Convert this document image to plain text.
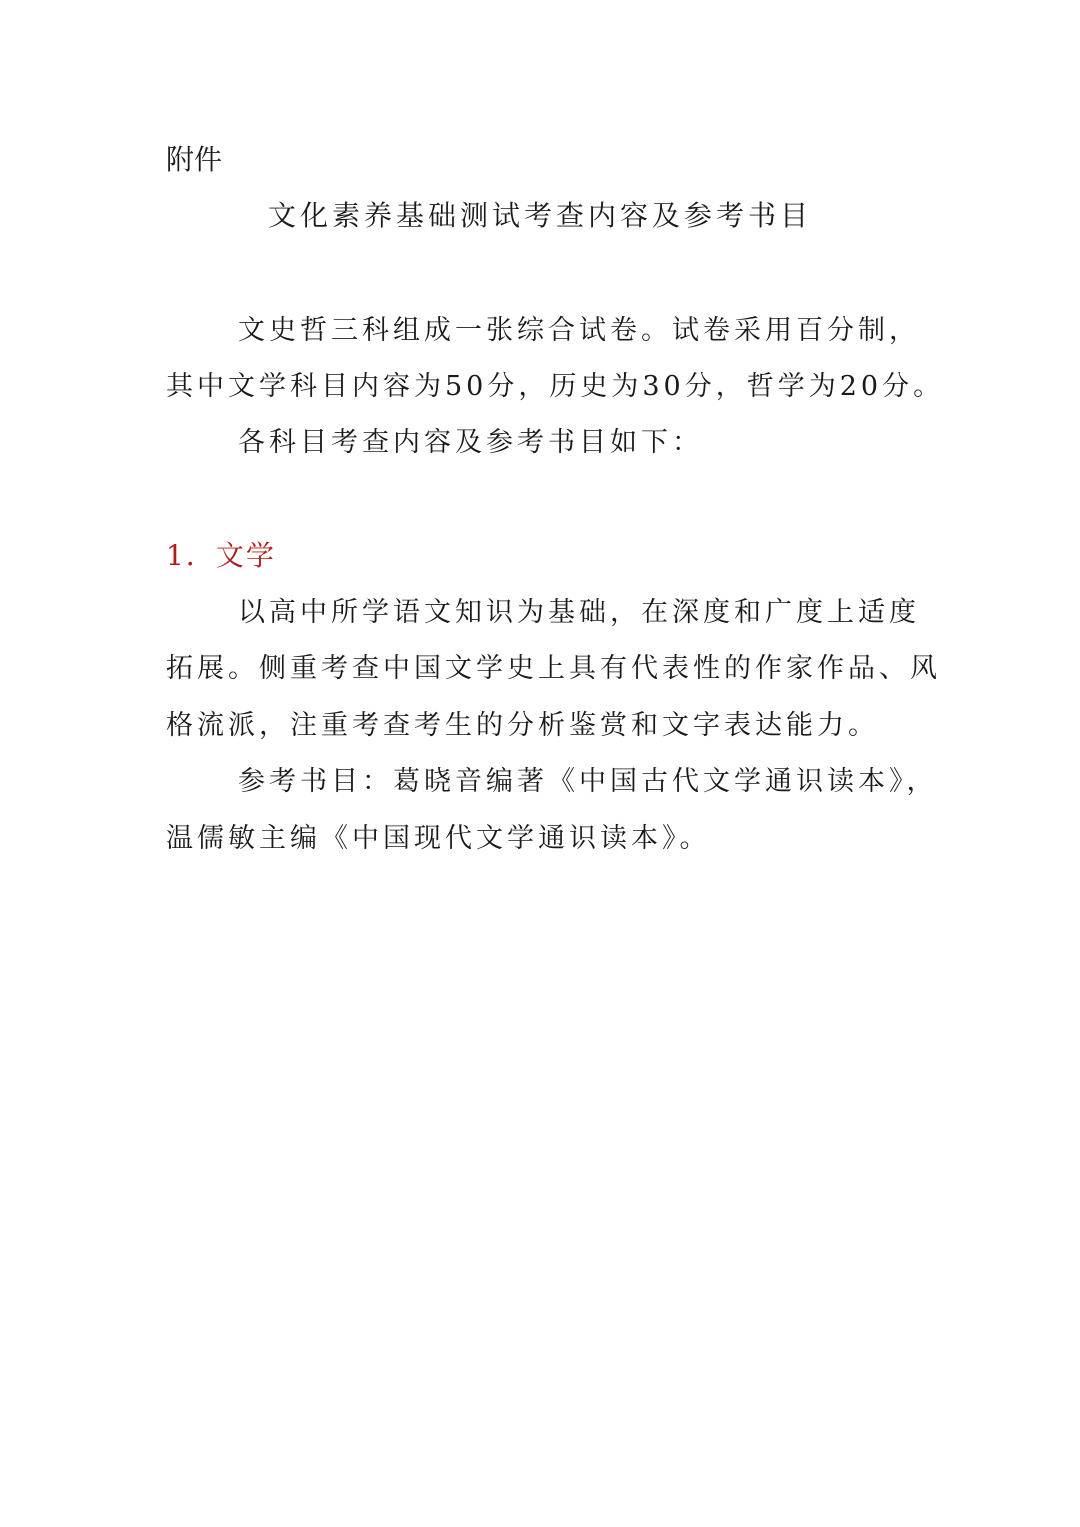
附件
文化素养基础测试考查内容及参考书目
文史哲三科组成一张综合试卷。试卷采用百分制，
其中文学科目内容为50分，历史为30分，哲学为20分。
各科目考查内容及参考书目如下：
1．文学
以高中所学语文知识为基础，在深度和广度上适度
拓展。侧重考查中国文学史上具有代表性的作家作品、风
格流派，注重考查考生的分析鉴赏和文字表达能力。
参考书目：葛晓音编著《中国古代文学通识读本》，
温儒敏主编《中国现代文学通识读本》。
